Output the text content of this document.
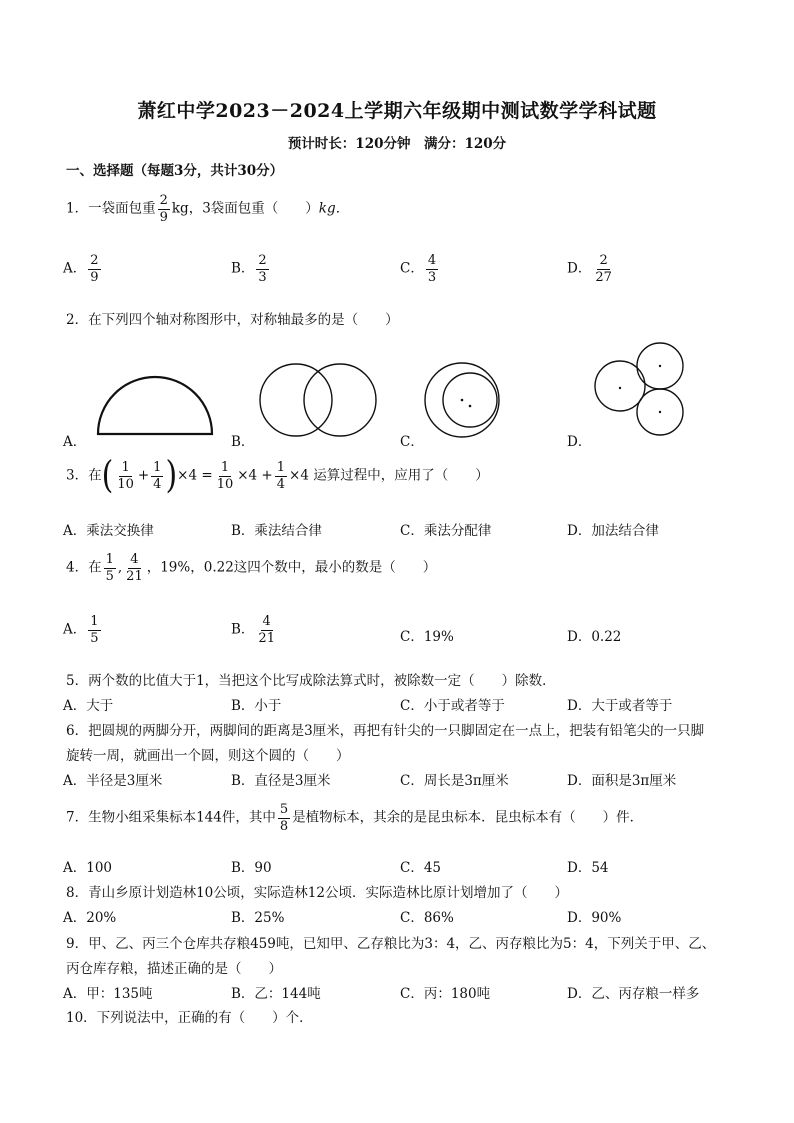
萧红中学2023－2024上学期六年级期中测试数学学科试题
预计时长：120分钟　满分：120分
一、选择题（每题3分，共计30分）
1．一袋面包重 $\frac{2}{9}$ kg，3袋面包重（　　）kg．
A． $\frac{2}{9}$	B． $\frac{2}{3}$	C． $\frac{4}{3}$	D． $\frac{2}{27}$
2．在下列四个轴对称图形中，对称轴最多的是（　　）
A．	B．	C．	D．
3．在( $\frac{1}{10} + \frac{1}{4} )\times 4 = \frac{1}{10} \times 4 + \frac{1}{4} \times 4$ 运算过程中，应用了（　　）
A．乘法交换律	B．乘法结合律	C．乘法分配律	D．加法结合律
4．在 $\frac{1}{5}$ , $\frac{4}{21}$ ，19%，0.22这四个数中，最小的数是（　　）
A． $\frac{1}{5}$	B． $\frac{4}{21}$	C．19%	D．0.22
5．两个数的比值大于1，当把这个比写成除法算式时，被除数一定（　　）除数．
A．大于	B．小于	C．小于或者等于	D．大于或者等于
6．把圆规的两脚分开，两脚间的距离是3厘米，再把有针尖的一只脚固定在一点上，把装有铅笔尖的一只脚
旋转一周，就画出一个圆，则这个圆的（　　）
A．半径是3厘米	B．直径是3厘米	C．周长是3π厘米	D．面积是3π厘米
7．生物小组采集标本144件，其中 $\frac{5}{8}$ 是植物标本，其余的是昆虫标本．昆虫标本有（　　）件．
A．100	B．90	C．45	D．54
8．青山乡原计划造林10公顷，实际造林12公顷．实际造林比原计划增加了（　　）
A．20%	B．25%	C．86%	D．90%
9．甲、乙、丙三个仓库共存粮459吨，已知甲、乙存粮比为3：4，乙、丙存粮比为5：4，下列关于甲、乙、
丙仓库存粮，描述正确的是（　　）
A．甲：135吨	B．乙：144吨	C．丙：180吨	D．乙、丙存粮一样多
10．下列说法中，正确的有（　　）个．
